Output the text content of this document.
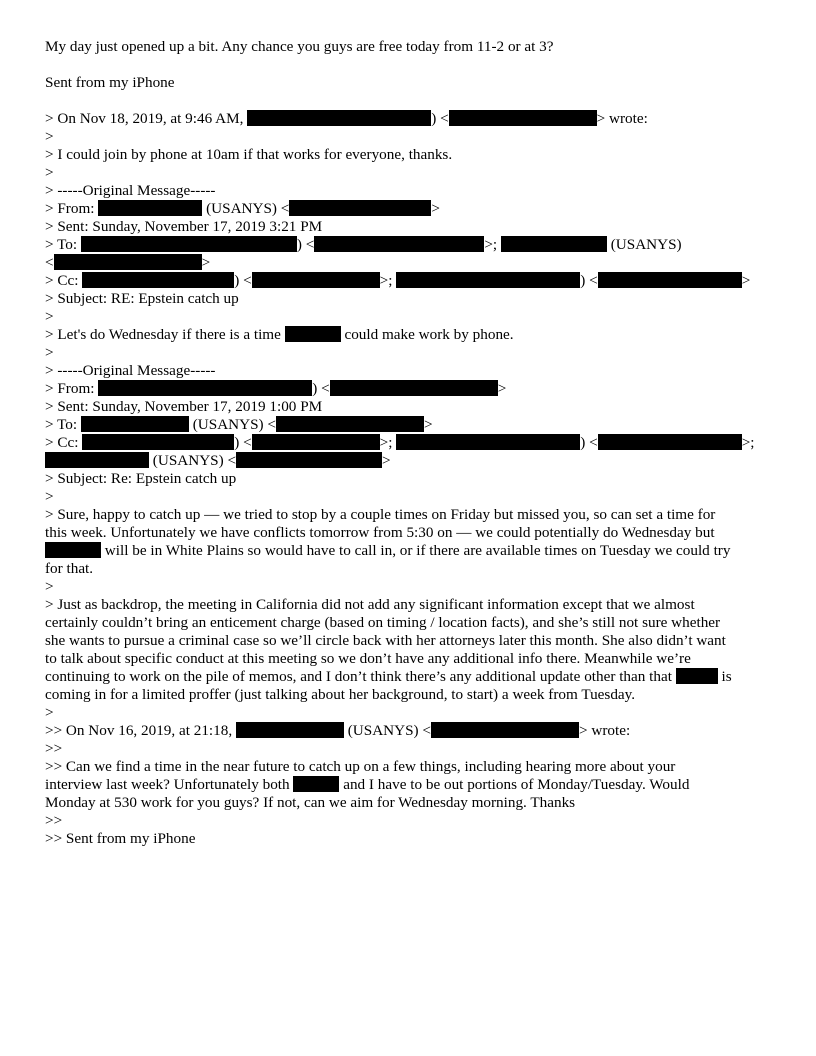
My day just opened up a bit. Any chance you guys are free today from 11-2 or at 3?
Sent from my iPhone
> On Nov 18, 2019, at 9:46 AM,	) <	> wrote:
>
> I could join by phone at 10am if that works for everyone, thanks.
>
> -----Original Message-----
> From:	(USANYS) <	>
> Sent: Sunday, November 17, 2019 3:21 PM
> To:	) <	>;	(USANYS)
<	>
> Cc:	) <	>;	) <	>
> Subject: RE: Epstein catch up
>
> Let's do Wednesday if there is a time	could make work by phone.
>
> -----Original Message-----
> From:	) <	>
> Sent: Sunday, November 17, 2019 1:00 PM
> To:	(USANYS) <	>
> Cc:	) <	>;	) <	>;
(USANYS) <	>
> Subject: Re: Epstein catch up
>
> Sure, happy to catch up — we tried to stop by a couple times on Friday but missed you, so can set a time for
this week. Unfortunately we have conflicts tomorrow from 5:30 on — we could potentially do Wednesday but
will be in White Plains so would have to call in, or if there are available times on Tuesday we could try
for that.
>
> Just as backdrop, the meeting in California did not add any significant information except that we almost
certainly couldn’t bring an enticement charge (based on timing / location facts), and she’s still not sure whether
she wants to pursue a criminal case so we’ll circle back with her attorneys later this month. She also didn’t want
to talk about specific conduct at this meeting so we don’t have any additional info there. Meanwhile we’re
continuing to work on the pile of memos, and I don’t think there’s any additional update other than that	is
coming in for a limited proffer (just talking about her background, to start) a week from Tuesday.
>
>> On Nov 16, 2019, at 21:18,	(USANYS) <	> wrote:
>>
>> Can we find a time in the near future to catch up on a few things, including hearing more about your
interview last week? Unfortunately both	and I have to be out portions of Monday/Tuesday. Would
Monday at 530 work for you guys? If not, can we aim for Wednesday morning. Thanks
>>
>> Sent from my iPhone
